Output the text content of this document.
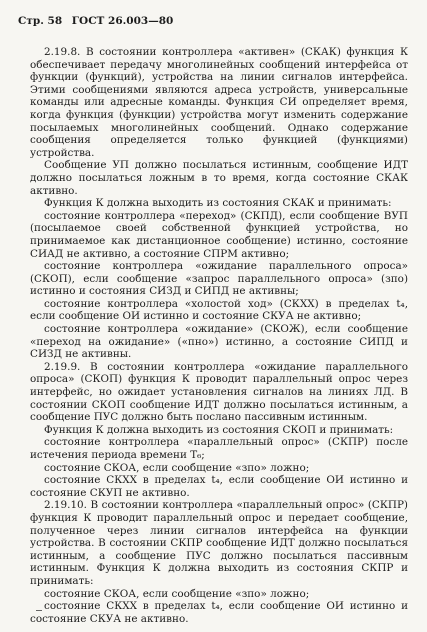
Стр. 58 ГОСТ 26.003—80

2.19.8. В состоянии контроллера «активен» (СКАК) функция К обеспечивает передачу многолинейных сообщений интерфейса от функции (функций), устройства на линии сигналов интерфейса. Этими сообщениями являются адреса устройств, универсальные команды или адресные команды. Функция СИ определяет время, когда функция (функции) устройства могут изменить содержание посылаемых многолинейных сообщений. Однако содержание сообщения определяется только функцией (функциями) устройства.

Сообщение УП должно посылаться истинным, сообщение ИДТ должно посылаться ложным в то время, когда состояние СКАК активно.

Функция К должна выходить из состояния СКАК и принимать:

состояние контроллера «переход» (СКПД), если сообщение ВУП (посылаемое своей собственной функцией устройства, но принимаемое как дистанционное сообщение) истинно, состояние СИАД не активно, а состояние СПРМ активно;

состояние контроллера «ожидание параллельного опроса» (СКОП), если сообщение «запрос параллельного опроса» (зпо) истинно и состояния СИЗД и СИПД не активны;

состояние контроллера «холостой ход» (СКХХ) в пределах t₄, если сообщение ОИ истинно и состояние СКУА не активно;

состояние контроллера «ожидание» (СКОЖ), если сообщение «переход на ожидание» («пно») истинно, а состояние СИПД и СИЗД не активны.

2.19.9. В состоянии контроллера «ожидание параллельного опроса» (СКОП) функция К проводит параллельный опрос через интерфейс, но ожидает установления сигналов на линиях ЛД. В состоянии СКОП сообщение ИДТ должно посылаться истинным, а сообщение ПУС должно быть послано пассивным истинным.

Функция К должна выходить из состояния СКОП и принимать:

состояние контроллера «параллельный опрос» (СКПР) после истечения периода времени T₆;

состояние СКОА, если сообщение «зпо» ложно;

состояние СКХХ в пределах t₄, если сообщение ОИ истинно и состояние СКУП не активно.

2.19.10. В состоянии контроллера «параллельный опрос» (СКПР) функция К проводит параллельный опрос и передает сообщение, полученное через линии сигналов интерфейса на функции устройства. В состоянии СКПР сообщение ИДТ должно посылаться истинным, а сообщение ПУС должно посылаться пассивным истинным. Функция К должна выходить из состояния СКПР и принимать:

состояние СКОА, если сообщение «зпо» ложно;

состояние СКХХ в пределах t₄, если сообщение ОИ истинно и состояние СКУА не активно.
